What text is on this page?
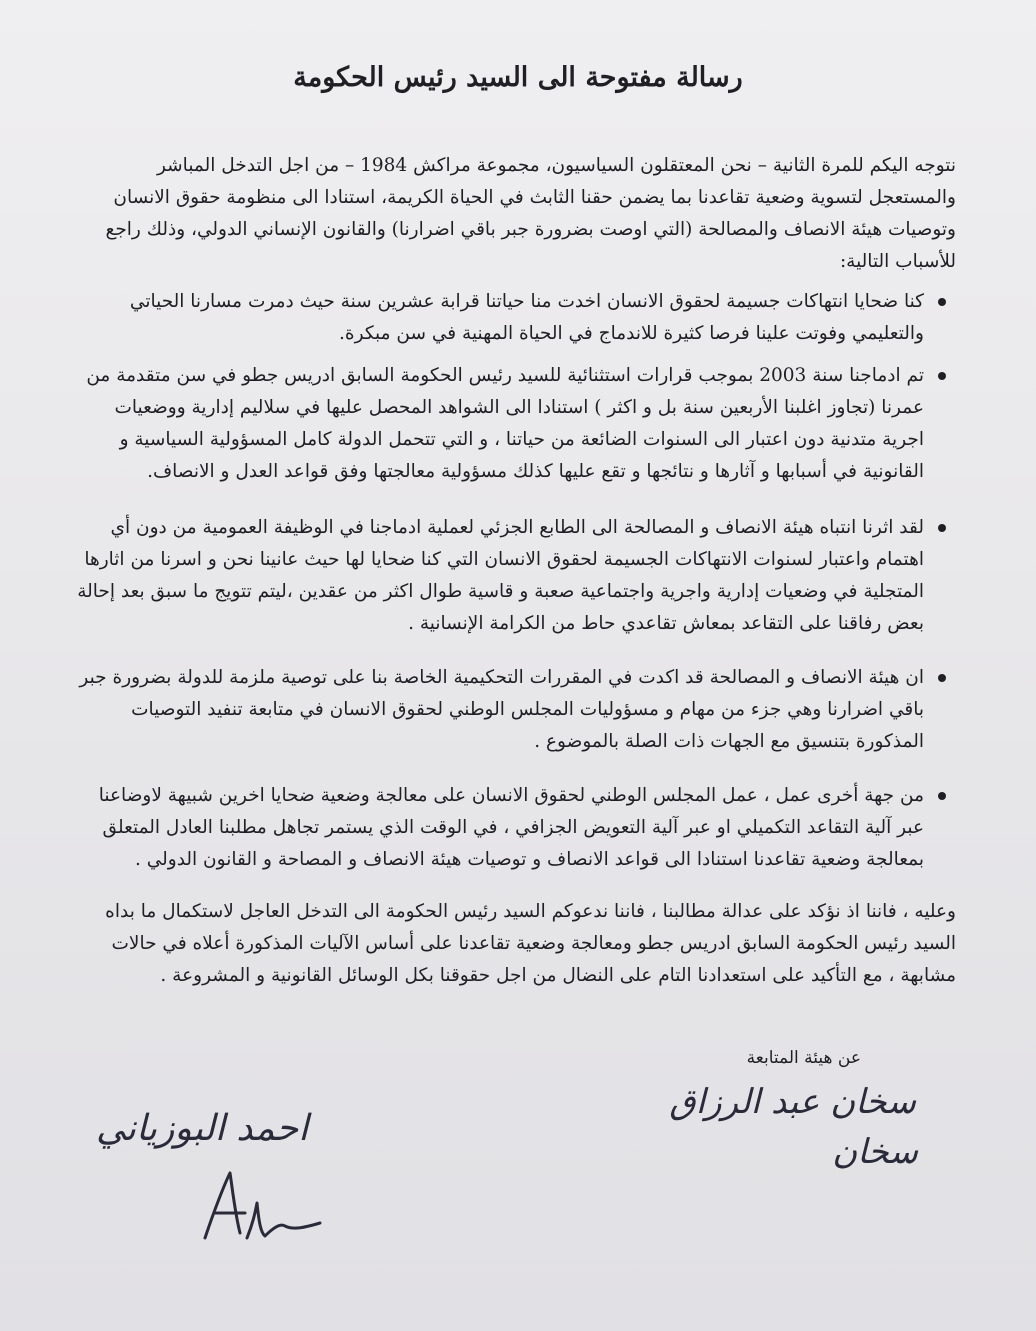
رسالة مفتوحة الى السيد رئيس الحكومة

نتوجه اليكم للمرة الثانية – نحن المعتقلون السياسيون، مجموعة مراكش 1984 – من اجل التدخل المباشر والمستعجل لتسوية وضعية تقاعدنا بما يضمن حقنا الثابث في الحياة الكريمة، استنادا الى منظومة حقوق الانسان وتوصيات هيئة الانصاف والمصالحة (التي اوصت بضرورة جبر باقي اضرارنا) والقانون الإنساني الدولي، وذلك راجع للأسباب التالية:

كنا ضحايا انتهاكات جسيمة لحقوق الانسان اخدت منا حياتنا قرابة عشرين سنة حيث دمرت مسارنا الحياتي والتعليمي وفوتت علينا فرصا كثيرة للاندماج في الحياة المهنية في سن مبكرة.

تم ادماجنا سنة 2003 بموجب قرارات استثنائية للسيد رئيس الحكومة السابق ادريس جطو في سن متقدمة من عمرنا (تجاوز اغلبنا الأربعين سنة بل و اكثر ) استنادا الى الشواهد المحصل عليها في سلاليم إدارية ووضعيات اجرية متدنية دون اعتبار الى السنوات الضائعة من حياتنا ، و التي تتحمل الدولة كامل المسؤولية السياسية و القانونية في أسبابها و آثارها و نتائجها و تقع عليها كذلك مسؤولية معالجتها وفق قواعد العدل و الانصاف.

لقد اثرنا انتباه هيئة الانصاف و المصالحة الى الطابع الجزئي لعملية ادماجنا في الوظيفة العمومية من دون أي اهتمام واعتبار لسنوات الانتهاكات الجسيمة لحقوق الانسان التي كنا ضحايا لها حيث عانينا نحن و اسرنا من اثارها المتجلية في وضعيات إدارية واجرية واجتماعية صعبة و قاسية طوال اكثر من عقدين ،ليتم تتويج ما سبق بعد إحالة بعض رفاقنا على التقاعد بمعاش تقاعدي حاط من الكرامة الإنسانية .

ان هيئة الانصاف و المصالحة قد اكدت في المقررات التحكيمية الخاصة بنا على توصية ملزمة للدولة بضرورة جبر باقي اضرارنا وهي جزء من مهام و مسؤوليات المجلس الوطني لحقوق الانسان في متابعة تنفيد التوصيات المذكورة بتنسيق مع الجهات ذات الصلة بالموضوع .

من جهة أخرى عمل ، عمل المجلس الوطني لحقوق الانسان على معالجة وضعية ضحايا اخرين شبيهة لاوضاعنا عبر آلية التقاعد التكميلي او عبر آلية التعويض الجزافي ، في الوقت الذي يستمر تجاهل مطلبنا العادل المتعلق بمعالجة وضعية تقاعدنا استنادا الى قواعد الانصاف و توصيات هيئة الانصاف و المصاحة و القانون الدولي .

وعليه ، فاننا اذ نؤكد على عدالة مطالبنا ، فاننا ندعوكم السيد رئيس الحكومة الى التدخل العاجل لاستكمال ما بداه السيد رئيس الحكومة السابق ادريس جطو ومعالجة وضعية تقاعدنا على أساس الآليات المذكورة أعلاه في حالات مشابهة ، مع التأكيد على استعدادنا التام على النضال من اجل حقوقنا بكل الوسائل القانونية و المشروعة .

عن هيئة المتابعة
سخان عبد الرزاق
سخان
احمد البوزياني
